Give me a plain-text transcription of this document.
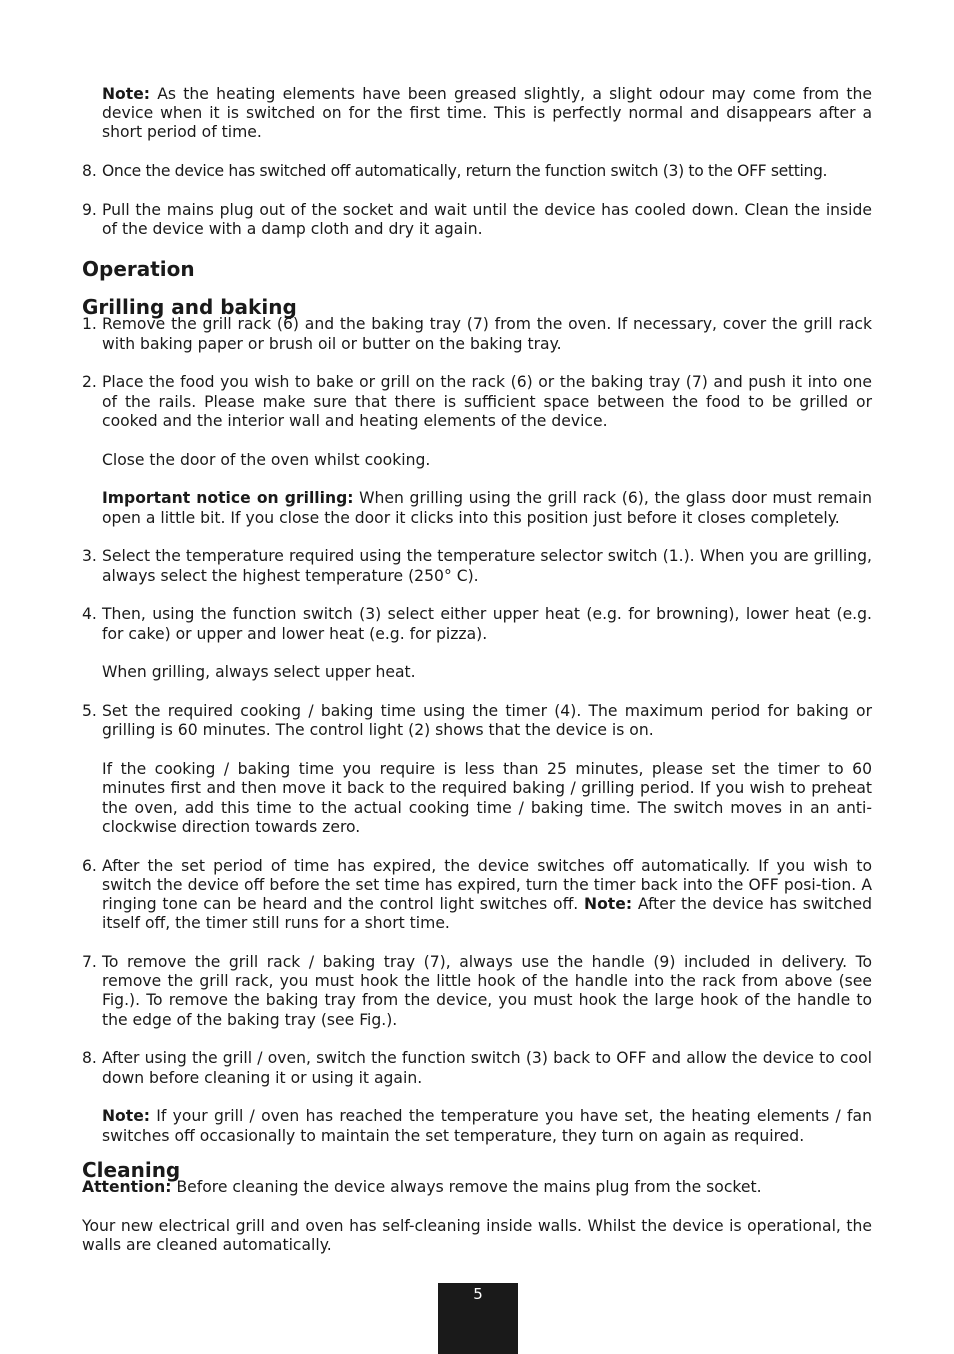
Note: As the heating elements have been greased slightly, a slight odour may come from the device when it is switched on for the first time. This is perfectly normal and disappears after a short period of time.

8. Once the device has switched off automatically, return the function switch (3) to the OFF setting.

9. Pull the mains plug out of the socket and wait until the device has cooled down. Clean the inside of the device with a damp cloth and dry it again.

Operation
Grilling and baking
1. Remove the grill rack (6) and the baking tray (7) from the oven. If necessary, cover the grill rack with baking paper or brush oil or butter on the baking tray.

2. Place the food you wish to bake or grill on the rack (6) or the baking tray (7) and push it into one of the rails. Please make sure that there is sufficient space between the food to be grilled or cooked and the interior wall and heating elements of the device.

Close the door of the oven whilst cooking.

Important notice on grilling: When grilling using the grill rack (6), the glass door must remain open a little bit. If you close the door it clicks into this position just before it closes completely.

3. Select the temperature required using the temperature selector switch (1.). When you are grilling, always select the highest temperature (250° C).

4. Then, using the function switch (3) select either upper heat (e.g. for browning), lower heat (e.g. for cake) or upper and lower heat (e.g. for pizza).

When grilling, always select upper heat.

5. Set the required cooking / baking time using the timer (4). The maximum period for baking or grilling is 60 minutes. The control light (2) shows that the device is on.

If the cooking / baking time you require is less than 25 minutes, please set the timer to 60 minutes first and then move it back to the required baking / grilling period. If you wish to preheat the oven, add this time to the actual cooking time / baking time. The switch moves in an anti-clockwise direction towards zero.

6. After the set period of time has expired, the device switches off automatically. If you wish to switch the device off before the set time has expired, turn the timer back into the OFF posi-tion. A ringing tone can be heard and the control light switches off. Note: After the device has switched itself off, the timer still runs for a short time.

7. To remove the grill rack / baking tray (7), always use the handle (9) included in delivery. To remove the grill rack, you must hook the little hook of the handle into the rack from above (see Fig.). To remove the baking tray from the device, you must hook the large hook of the handle to the edge of the baking tray (see Fig.).

8. After using the grill / oven, switch the function switch (3) back to OFF and allow the device to cool down before cleaning it or using it again.

Note: If your grill / oven has reached the temperature you have set, the heating elements / fan switches off occasionally to maintain the set temperature, they turn on again as required.

Cleaning

Attention: Before cleaning the device always remove the mains plug from the socket.

Your new electrical grill and oven has self-cleaning inside walls. Whilst the device is operational, the walls are cleaned automatically.

5
